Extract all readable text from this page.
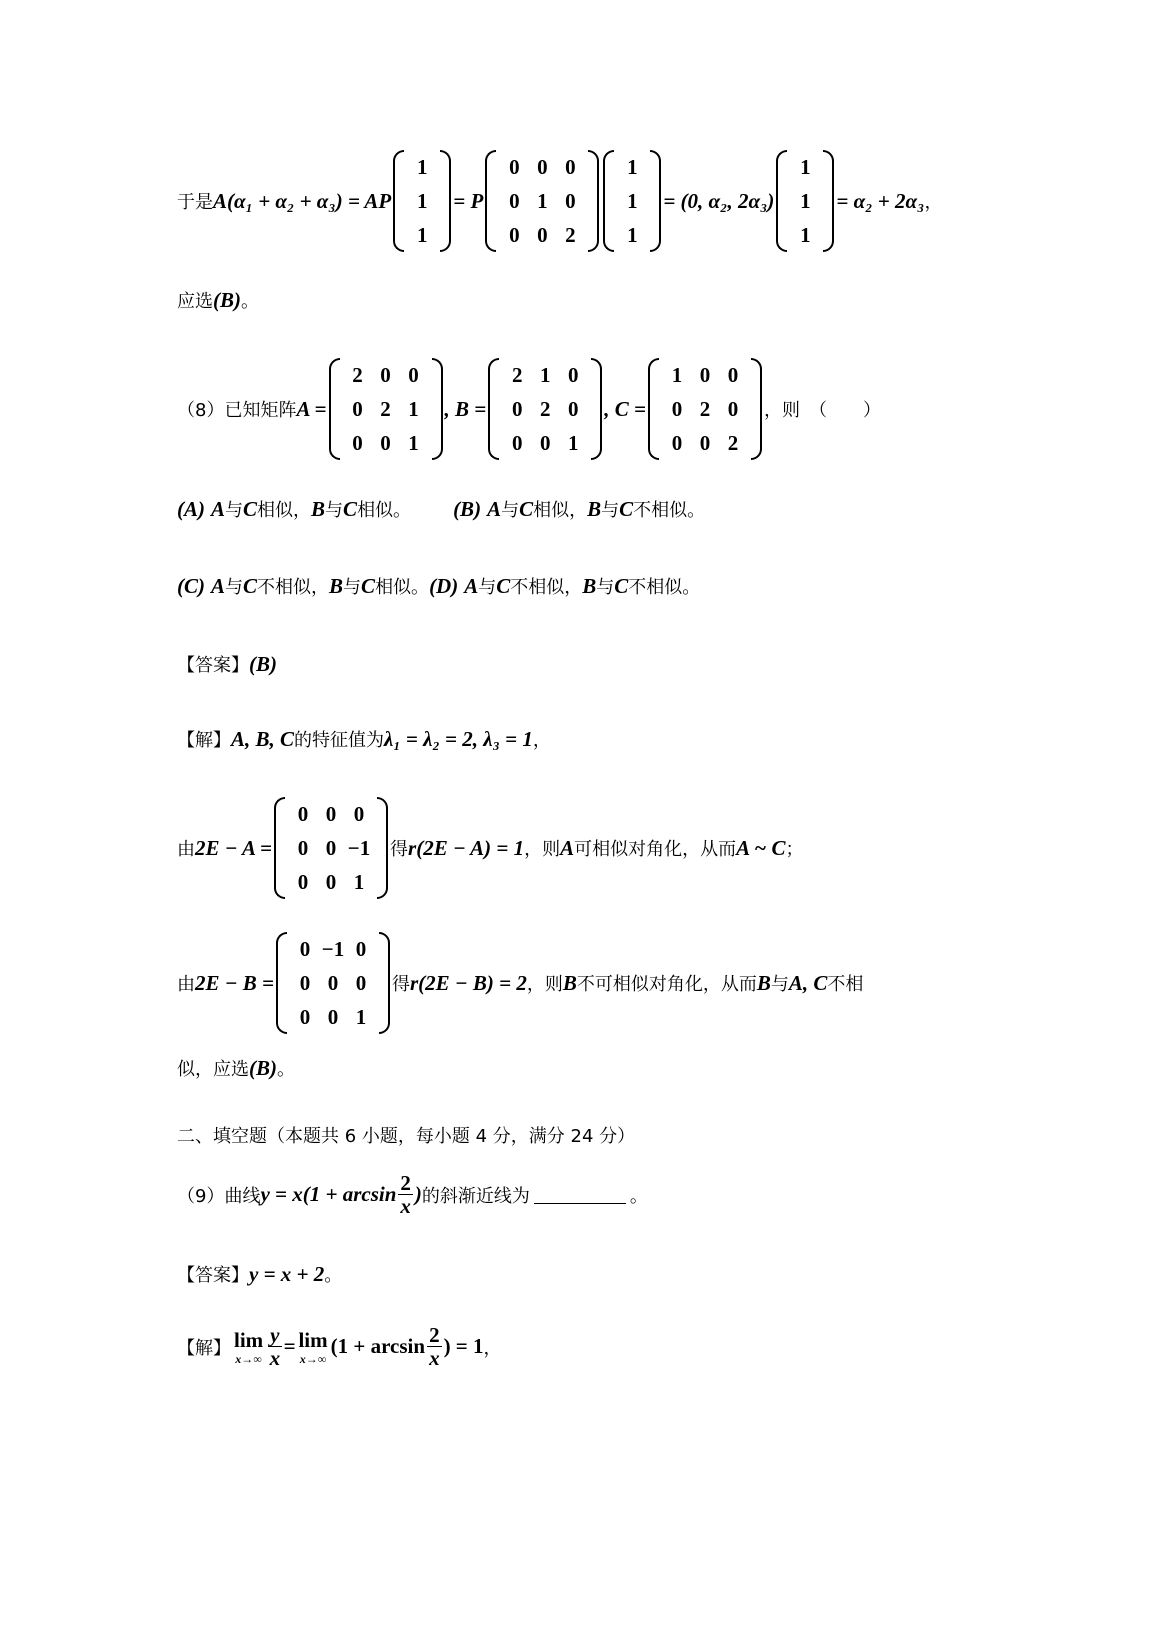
于是 A(α₁ + α₂ + α₃) = AP
1
1
1
= P
0 0 0
0 1 0
0 0 2
1
1
1
= (0, α₂, 2α₃)
1
1
1
= α₂ + 2α₃ ，
应选 (B) 。
（8）已知矩阵 A =
2 0 0
0 2 1
0 0 1
, B =
2 1 0
0 2 0
0 0 1
, C =
1 0 0
0 2 0
0 0 2
，则　（　　）
(A) A 与 C 相似， B 与 C 相似。 (B) A 与 C 相似， B 与 C 不相似。
(C) A 与 C 不相似， B 与 C 相似。 (D) A 与 C 不相似， B 与 C 不相似。
【答案】 (B)
【解】 A, B, C 的特征值为 λ₁ = λ₂ = 2, λ₃ = 1 ，
由 2E − A =
0 0 0
0 0 −1
0 0 1
得 r(2E − A) = 1 ，则 A 可相似对角化，从而 A ~ C ；
由 2E − B =
0 −1 0
0 0 0
0 0 1
得 r(2E − B) = 2 ，则 B 不可相似对角化，从而 B 与 A, C 不相
似，应选 (B) 。
二、填空题（本题共 6 小题，每小题 4 分，满分 24 分）
（9）曲线 $y = x(1 + \arcsin \frac{2}{x}$ ) 的斜渐近线为	。
【答案】 y = x + 2 。
【解】 lim
$x\to\infty \frac{y}{x} = \lim$
x→∞
($1 + \arcsin \frac{2}{x}$ ) = 1 ，
